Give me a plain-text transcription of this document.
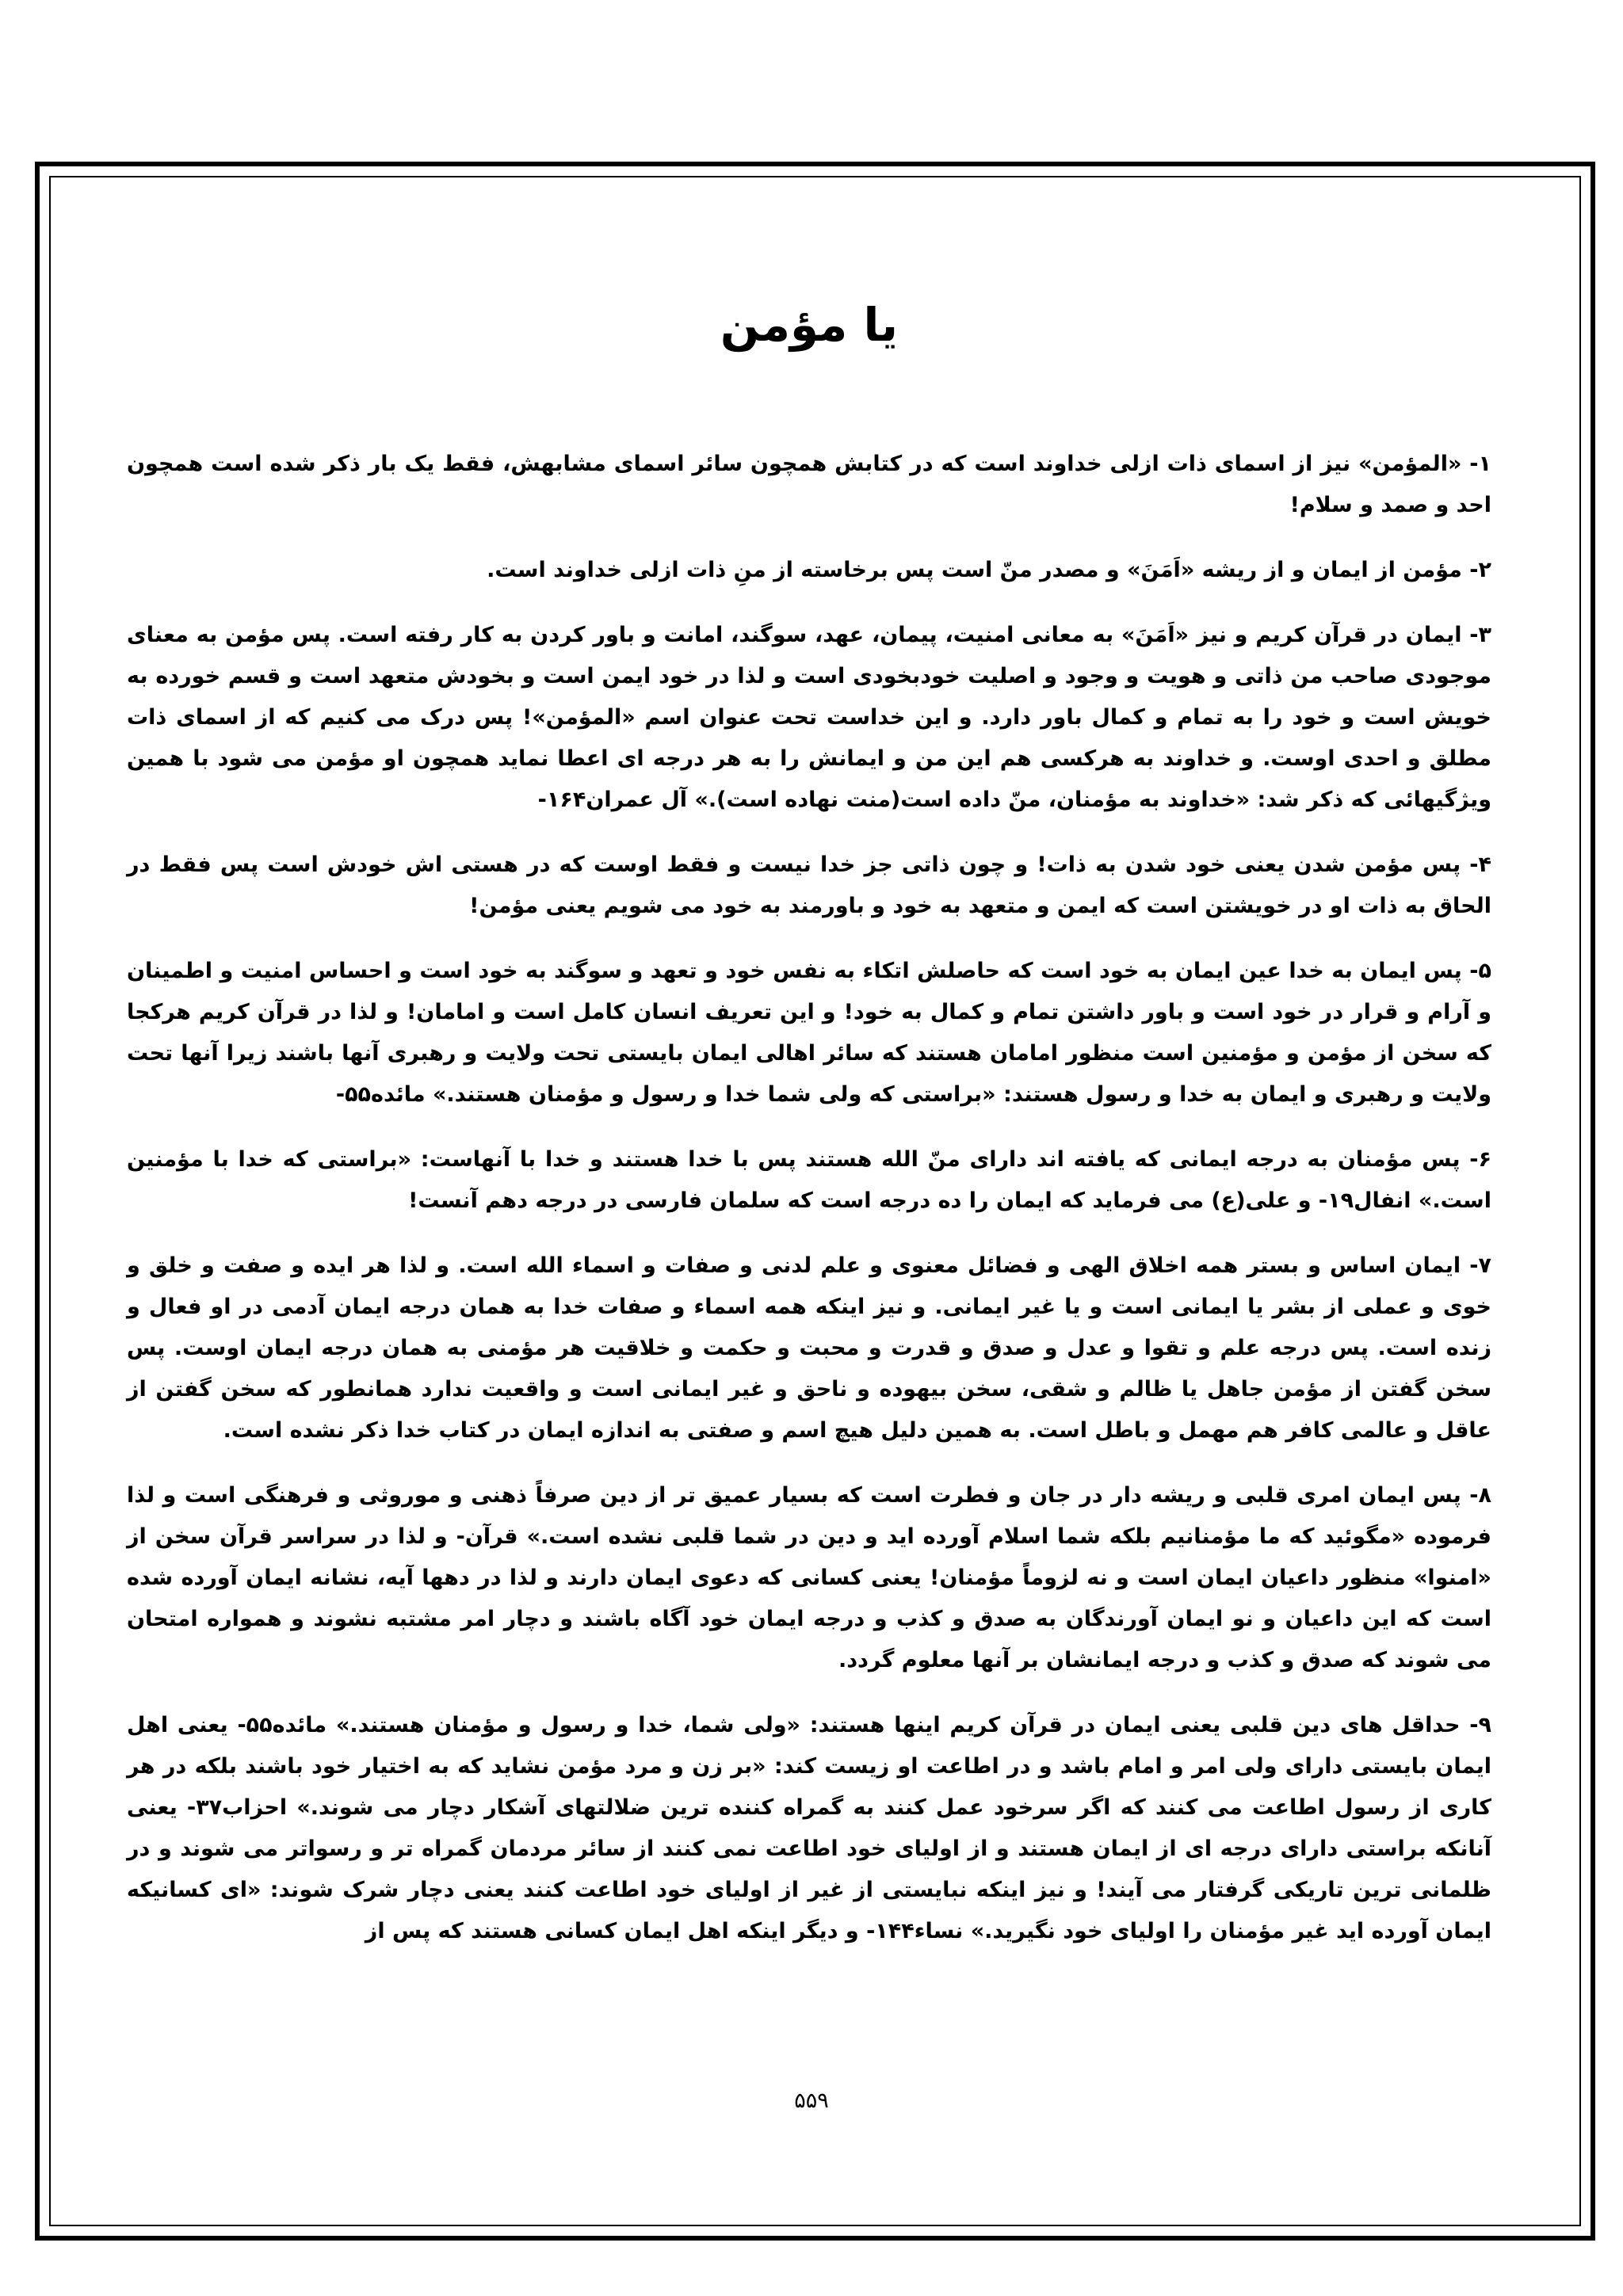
یا مؤمن

۱- «المؤمن» نیز از اسمای ذات ازلی خداوند است که در کتابش همچون سائر اسمای مشابهش، فقط یک بار ذکر شده است همچون احد و صمد و سلام!

۲- مؤمن از ایمان و از ریشه «اَمَنَ» و مصدر منّ است پس برخاسته از منِ ذات ازلی خداوند است.

۳- ایمان در قرآن کریم و نیز «اَمَنَ» به معانی امنیت، پیمان، عهد، سوگند، امانت و باور کردن به کار رفته است. پس مؤمن به معنای موجودی صاحب من ذاتی و هویت و وجود و اصلیت خودبخودی است و لذا در خود ایمن است و بخودش متعهد است و قسم خورده به خویش است و خود را به تمام و کمال باور دارد. و این خداست تحت عنوان اسم «المؤمن»! پس درک می کنیم که از اسمای ذات مطلق و احدی اوست. و خداوند به هرکسی هم این من و ایمانش را به هر درجه ای اعطا نماید همچون او مؤمن می شود با همین ویژگیهائی که ذکر شد: «خداوند به مؤمنان، منّ داده است(منت نهاده است).» آل عمران۱۶۴-

۴- پس مؤمن شدن یعنی خود شدن به ذات! و چون ذاتی جز خدا نیست و فقط اوست که در هستی اش خودش است پس فقط در الحاق به ذات او در خویشتن است که ایمن و متعهد به خود و باورمند به خود می شویم یعنی مؤمن!

۵- پس ایمان به خدا عین ایمان به خود است که حاصلش اتکاء به نفس خود و تعهد و سوگند به خود است و احساس امنیت و اطمینان و آرام و قرار در خود است و باور داشتن تمام و کمال به خود! و این تعریف انسان کامل است و امامان! و لذا در قرآن کریم هرکجا که سخن از مؤمن و مؤمنین است منظور امامان هستند که سائر اهالی ایمان بایستی تحت ولایت و رهبری آنها باشند زیرا آنها تحت ولایت و رهبری و ایمان به خدا و رسول هستند: «براستی که ولی شما خدا و رسول و مؤمنان هستند.» مائده۵۵-

۶- پس مؤمنان به درجه ایمانی که یافته اند دارای منّ الله هستند پس با خدا هستند و خدا با آنهاست: «براستی که خدا با مؤمنین است.» انفال۱۹- و علی(ع) می فرماید که ایمان را ده درجه است که سلمان فارسی در درجه دهم آنست!

۷- ایمان اساس و بستر همه اخلاق الهی و فضائل معنوی و علم لدنی و صفات و اسماء الله است. و لذا هر ایده و صفت و خلق و خوی و عملی از بشر یا ایمانی است و یا غیر ایمانی. و نیز اینکه همه اسماء و صفات خدا به همان درجه ایمان آدمی در او فعال و زنده است. پس درجه علم و تقوا و عدل و صدق و قدرت و محبت و حکمت و خلاقیت هر مؤمنی به همان درجه ایمان اوست. پس سخن گفتن از مؤمن جاهل یا ظالم و شقی، سخن بیهوده و ناحق و غیر ایمانی است و واقعیت ندارد همانطور که سخن گفتن از عاقل و عالمی کافر هم مهمل و باطل است. به همین دلیل هیچ اسم و صفتی به اندازه ایمان در کتاب خدا ذکر نشده است.

۸- پس ایمان امری قلبی و ریشه دار در جان و فطرت است که بسیار عمیق تر از دین صرفاً ذهنی و موروثی و فرهنگی است و لذا فرموده «مگوئید که ما مؤمنانیم بلکه شما اسلام آورده اید و دین در شما قلبی نشده است.» قرآن- و لذا در سراسر قرآن سخن از «امنوا» منظور داعیان ایمان است و نه لزوماً مؤمنان! یعنی کسانی که دعوی ایمان دارند و لذا در دهها آیه، نشانه ایمان آورده شده است که این داعیان و نو ایمان آورندگان به صدق و کذب و درجه ایمان خود آگاه باشند و دچار امر مشتبه نشوند و همواره امتحان می شوند که صدق و کذب و درجه ایمانشان بر آنها معلوم گردد.

۹- حداقل های دین قلبی یعنی ایمان در قرآن کریم اینها هستند: «ولی شما، خدا و رسول و مؤمنان هستند.» مائده۵۵- یعنی اهل ایمان بایستی دارای ولی امر و امام باشد و در اطاعت او زیست کند: «بر زن و مرد مؤمن نشاید که به اختیار خود باشند بلکه در هر کاری از رسول اطاعت می کنند که اگر سرخود عمل کنند به گمراه کننده ترین ضلالتهای آشکار دچار می شوند.» احزاب۳۷- یعنی آنانکه براستی دارای درجه ای از ایمان هستند و از اولیای خود اطاعت نمی کنند از سائر مردمان گمراه تر و رسواتر می شوند و در ظلمانی ترین تاریکی گرفتار می آیند! و نیز اینکه نبایستی از غیر از اولیای خود اطاعت کنند یعنی دچار شرک شوند: «ای کسانیکه ایمان آورده اید غیر مؤمنان را اولیای خود نگیرید.» نساء۱۴۴- و دیگر اینکه اهل ایمان کسانی هستند که پس از

۵۵۹
